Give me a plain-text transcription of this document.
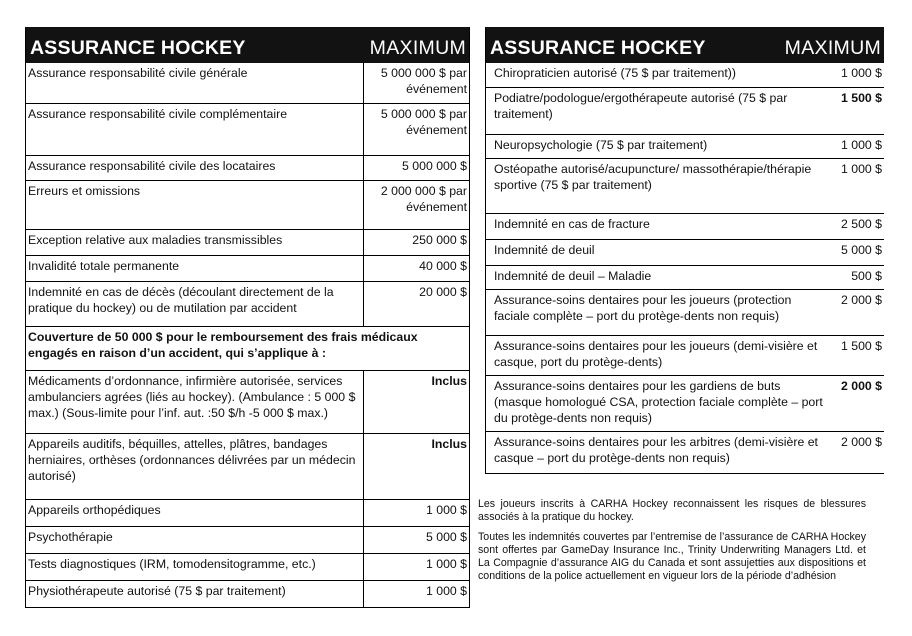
ASSURANCE HOCKEY	MAXIMUM
Assurance responsabilité civile générale	5 000 000 $ par événement
Assurance responsabilité civile complémentaire	5 000 000 $ par événement
Assurance responsabilité civile des locataires	5 000 000 $
Erreurs et omissions	2 000 000 $ par événement
Exception relative aux maladies transmissibles	250 000 $
Invalidité totale permanente	40 000 $
Indemnité en cas de décès (découlant directement de la pratique du hockey) ou de mutilation par accident	20 000 $
Couverture de 50 000 $ pour le remboursement des frais médicaux engagés en raison d’un accident, qui s’applique à :	
Médicaments d’ordonnance, infirmière autorisée, services ambulanciers agrées (liés au hockey). (Ambulance : 5 000 $ max.) (Sous-limite pour l’inf. aut. :50 $/h -5 000 $ max.)	Inclus
Appareils auditifs, béquilles, attelles, plâtres, bandages herniaires, orthèses (ordonnances délivrées par un médecin autorisé)	Inclus
Appareils orthopédiques	1 000 $
Psychothérapie	5 000 $
Tests diagnostiques (IRM, tomodensitogramme, etc.)	1 000 $
Physiothérapeute autorisé (75 $ par traitement)	1 000 $
ASSURANCE HOCKEY	MAXIMUM
Chiropraticien autorisé (75 $ par traitement))	1 000 $
Podiatre/podologue/ergothérapeute autorisé (75 $ par traitement)	1 500 $
Neuropsychologie (75 $ par traitement)	1 000 $
Ostéopathe autorisé/acupuncture/ massothérapie/thérapie sportive (75 $ par traitement)	1 000 $
Indemnité en cas de fracture	2 500 $
Indemnité de deuil	5 000 $
Indemnité de deuil – Maladie	500 $
Assurance-soins dentaires pour les joueurs (protection faciale complète – port du protège-dents non requis)	2 000 $
Assurance-soins dentaires pour les joueurs (demi-visière et casque, port du protège-dents)	1 500 $
Assurance-soins dentaires pour les gardiens de buts (masque homologué CSA, protection faciale complète – port du protège-dents non requis)	2 000 $
Assurance-soins dentaires pour les arbitres (demi-visière et casque – port du protège-dents non requis)	2 000 $

Les joueurs inscrits à CARHA Hockey reconnaissent les risques de blessures associés à la pratique du hockey.

Toutes les indemnités couvertes par l’entremise de l’assurance de CARHA Hockey sont offertes par GameDay Insurance Inc., Trinity Underwriting Managers Ltd. et La Compagnie d’assurance AIG du Canada et sont assujetties aux dispositions et conditions de la police actuellement en vigueur lors de la période d’adhésion
